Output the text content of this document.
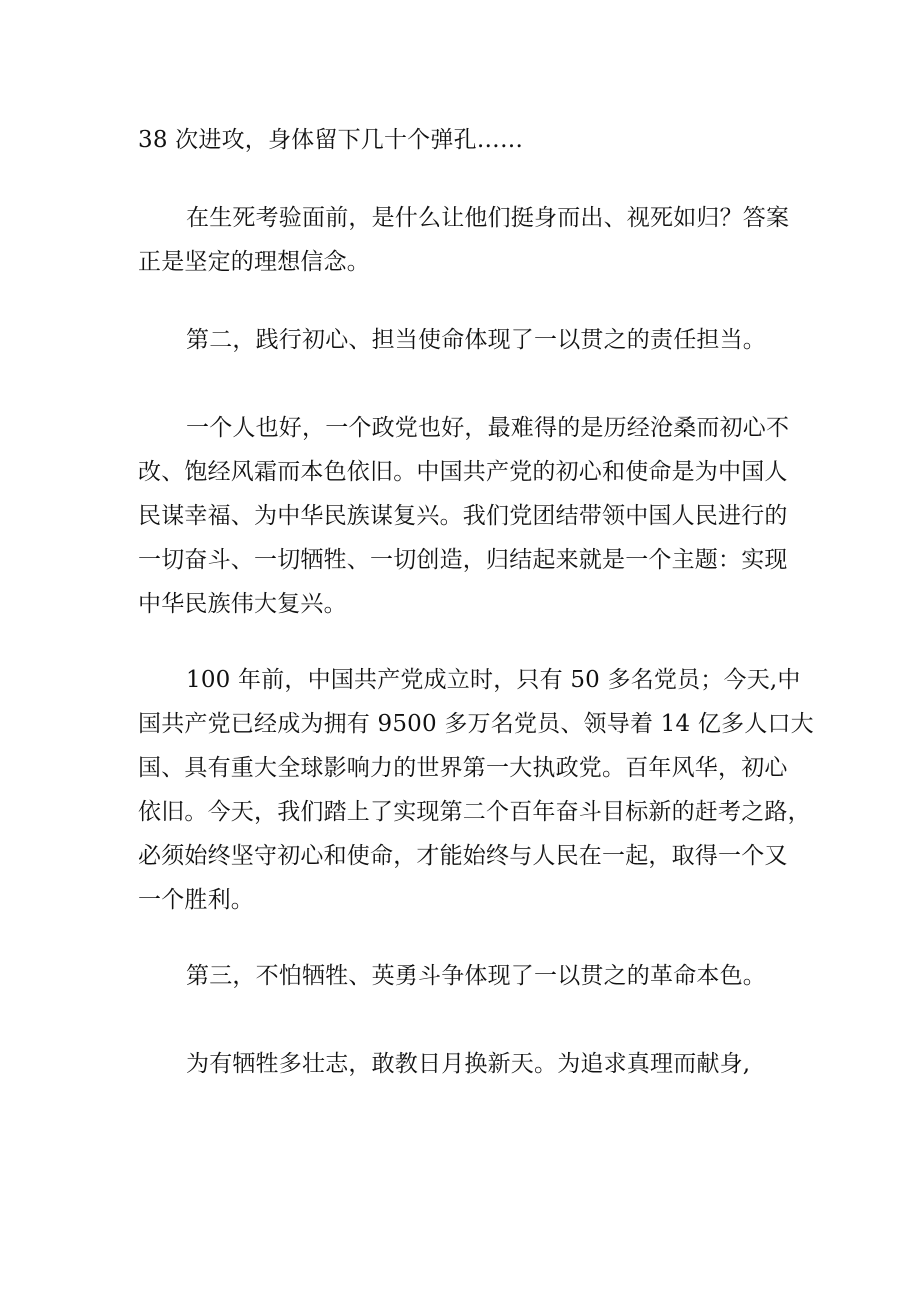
38 次进攻，身体留下几十个弹孔……

在生死考验面前，是什么让他们挺身而出、视死如归？答案
正是坚定的理想信念。

第二，践行初心、担当使命体现了一以贯之的责任担当。

一个人也好，一个政党也好，最难得的是历经沧桑而初心不
改、饱经风霜而本色依旧。中国共产党的初心和使命是为中国人
民谋幸福、为中华民族谋复兴。我们党团结带领中国人民进行的
一切奋斗、一切牺牲、一切创造，归结起来就是一个主题：实现
中华民族伟大复兴。

100 年前，中国共产党成立时，只有 50 多名党员；今天,中
国共产党已经成为拥有 9500 多万名党员、领导着 14 亿多人口大
国、具有重大全球影响力的世界第一大执政党。百年风华，初心
依旧。今天，我们踏上了实现第二个百年奋斗目标新的赶考之路，
必须始终坚守初心和使命，才能始终与人民在一起，取得一个又
一个胜利。

第三，不怕牺牲、英勇斗争体现了一以贯之的革命本色。

为有牺牲多壮志，敢教日月换新天。为追求真理而献身,
